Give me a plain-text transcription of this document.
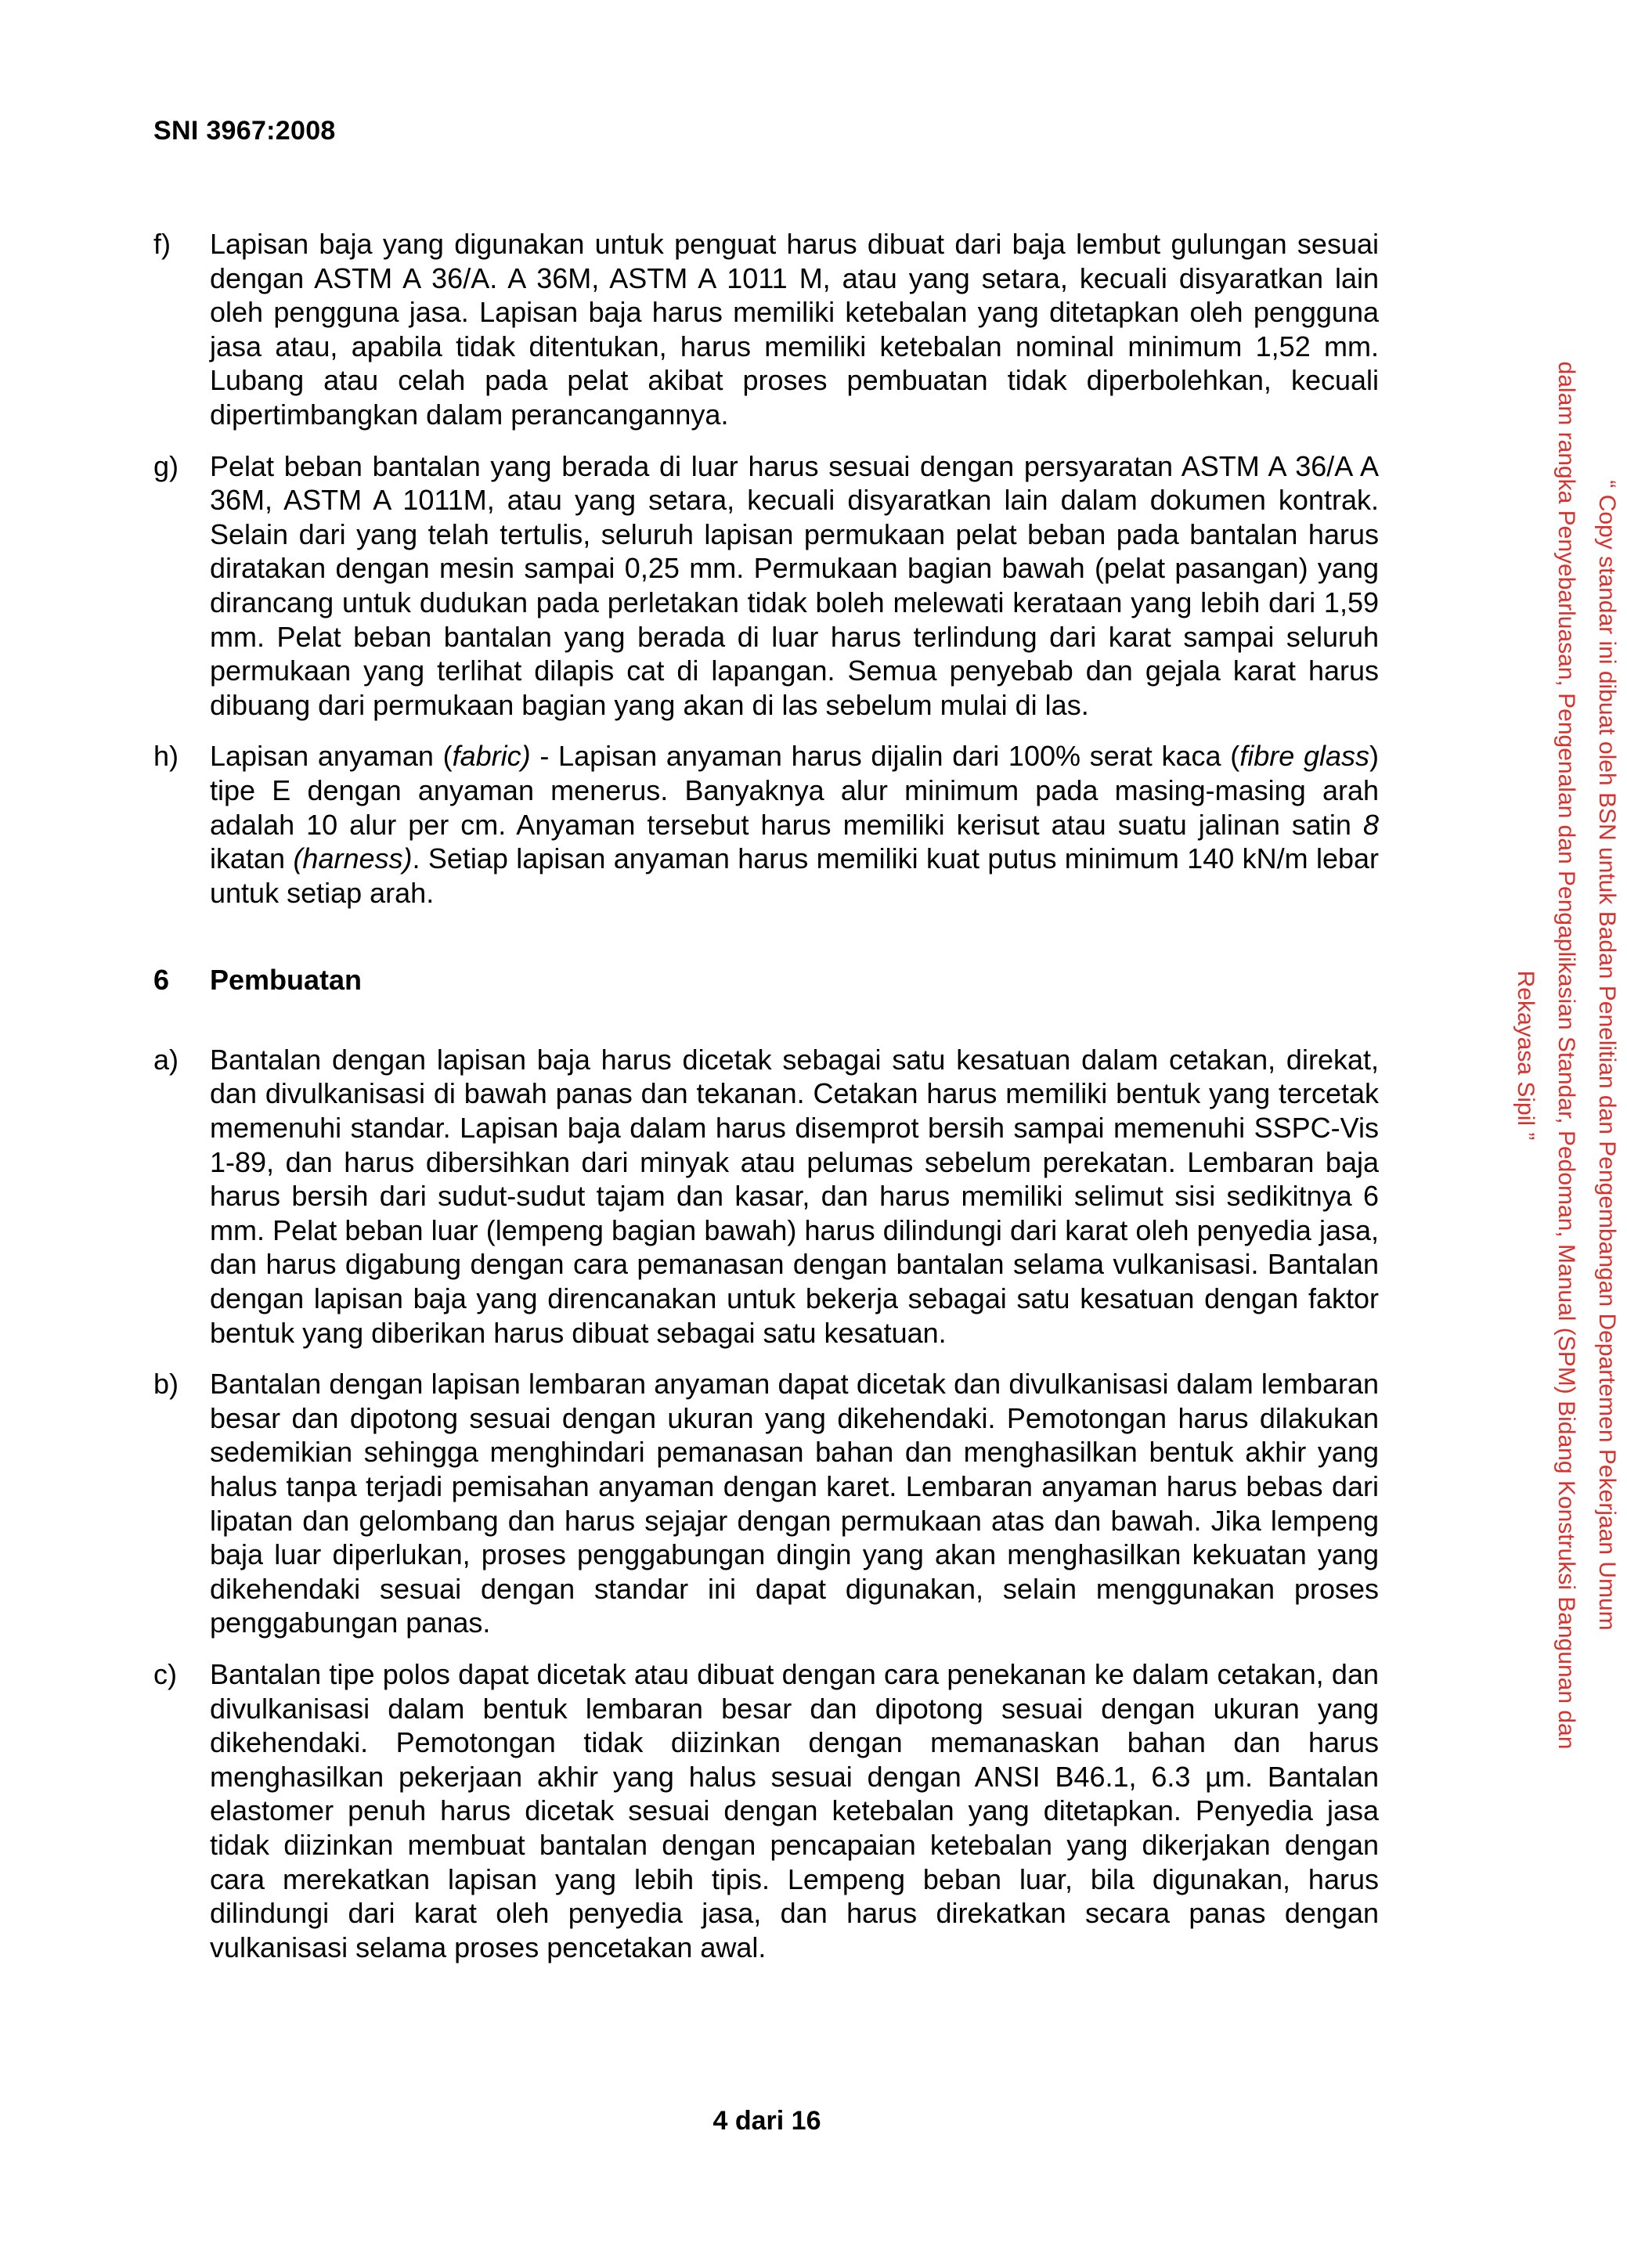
SNI 3967:2008
f)	Lapisan baja yang digunakan untuk penguat harus dibuat dari baja lembut gulungan sesuai dengan ASTM A 36/A. A 36M, ASTM A 1011 M, atau yang setara, kecuali disyaratkan lain oleh pengguna jasa. Lapisan baja harus memiliki ketebalan yang ditetapkan oleh pengguna jasa atau, apabila tidak ditentukan, harus memiliki ketebalan nominal minimum 1,52 mm. Lubang atau celah pada pelat akibat proses pembuatan tidak diperbolehkan, kecuali dipertimbangkan dalam perancangannya.
g)	Pelat beban bantalan yang berada di luar harus sesuai dengan persyaratan ASTM A 36/A A 36M, ASTM A 1011M, atau yang setara, kecuali disyaratkan lain dalam dokumen kontrak. Selain dari yang telah tertulis, seluruh lapisan permukaan pelat beban pada bantalan harus diratakan dengan mesin sampai 0,25 mm. Permukaan bagian bawah (pelat pasangan) yang dirancang untuk dudukan pada perletakan tidak boleh melewati kerataan yang lebih dari 1,59 mm. Pelat beban bantalan yang berada di luar harus terlindung dari karat sampai seluruh permukaan yang terlihat dilapis cat di lapangan. Semua penyebab dan gejala karat harus dibuang dari permukaan bagian yang akan di las sebelum mulai di las.
h)	Lapisan anyaman (fabric) - Lapisan anyaman harus dijalin dari 100% serat kaca (fibre glass) tipe E dengan anyaman menerus. Banyaknya alur minimum pada masing-masing arah adalah 10 alur per cm. Anyaman tersebut harus memiliki kerisut atau suatu jalinan satin 8 ikatan (harness). Setiap lapisan anyaman harus memiliki kuat putus minimum 140 kN/m lebar untuk setiap arah.
6	Pembuatan
a)	Bantalan dengan lapisan baja harus dicetak sebagai satu kesatuan dalam cetakan, direkat, dan divulkanisasi di bawah panas dan tekanan. Cetakan harus memiliki bentuk yang tercetak memenuhi standar. Lapisan baja dalam harus disemprot bersih sampai memenuhi SSPC-Vis 1-89, dan harus dibersihkan dari minyak atau pelumas sebelum perekatan. Lembaran baja harus bersih dari sudut-sudut tajam dan kasar, dan harus memiliki selimut sisi sedikitnya 6 mm. Pelat beban luar (lempeng bagian bawah) harus dilindungi dari karat oleh penyedia jasa, dan harus digabung dengan cara pemanasan dengan bantalan selama vulkanisasi. Bantalan dengan lapisan baja yang direncanakan untuk bekerja sebagai satu kesatuan dengan faktor bentuk yang diberikan harus dibuat sebagai satu kesatuan.
b)	Bantalan dengan lapisan lembaran anyaman dapat dicetak dan divulkanisasi dalam lembaran besar dan dipotong sesuai dengan ukuran yang dikehendaki. Pemotongan harus dilakukan sedemikian sehingga menghindari pemanasan bahan dan menghasilkan bentuk akhir yang halus tanpa terjadi pemisahan anyaman dengan karet. Lembaran anyaman harus bebas dari lipatan dan gelombang dan harus sejajar dengan permukaan atas dan bawah. Jika lempeng baja luar diperlukan, proses penggabungan dingin yang akan menghasilkan kekuatan yang dikehendaki sesuai dengan standar ini dapat digunakan, selain menggunakan proses penggabungan panas.
c)	Bantalan tipe polos dapat dicetak atau dibuat dengan cara penekanan ke dalam cetakan, dan divulkanisasi dalam bentuk lembaran besar dan dipotong sesuai dengan ukuran yang dikehendaki. Pemotongan tidak diizinkan dengan memanaskan bahan dan harus menghasilkan pekerjaan akhir yang halus sesuai dengan ANSI B46.1, 6.3 µm. Bantalan elastomer penuh harus dicetak sesuai dengan ketebalan yang ditetapkan. Penyedia jasa tidak diizinkan membuat bantalan dengan pencapaian ketebalan yang dikerjakan dengan cara merekatkan lapisan yang lebih tipis. Lempeng beban luar, bila digunakan, harus dilindungi dari karat oleh penyedia jasa, dan harus direkatkan secara panas dengan vulkanisasi selama proses pencetakan awal.
4 dari 16
“ Copy standar ini dibuat oleh BSN untuk Badan Penelitian dan Pengembangan Departemen Pekerjaan Umum
dalam rangka Penyebarluasan, Pengenalan dan Pengaplikasian Standar, Pedoman, Manual (SPM) Bidang Konstruksi Bangunan dan Rekayasa Sipil ”
